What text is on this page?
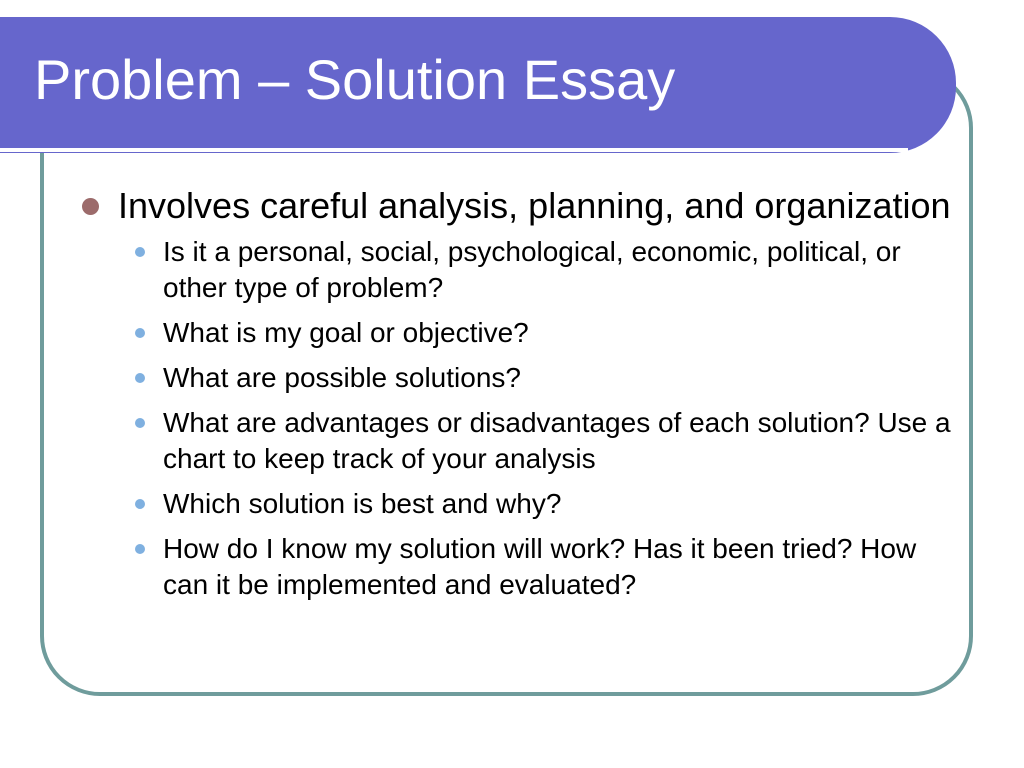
Problem – Solution Essay
Involves careful analysis, planning, and organization
Is it a personal, social, psychological, economic, political, or other type of problem?
What is my goal or objective?
What are possible solutions?
What are advantages or disadvantages of each solution? Use a chart to keep track of your analysis
Which solution is best and why?
How do I know my solution will work? Has it been tried? How can it be implemented and evaluated?
